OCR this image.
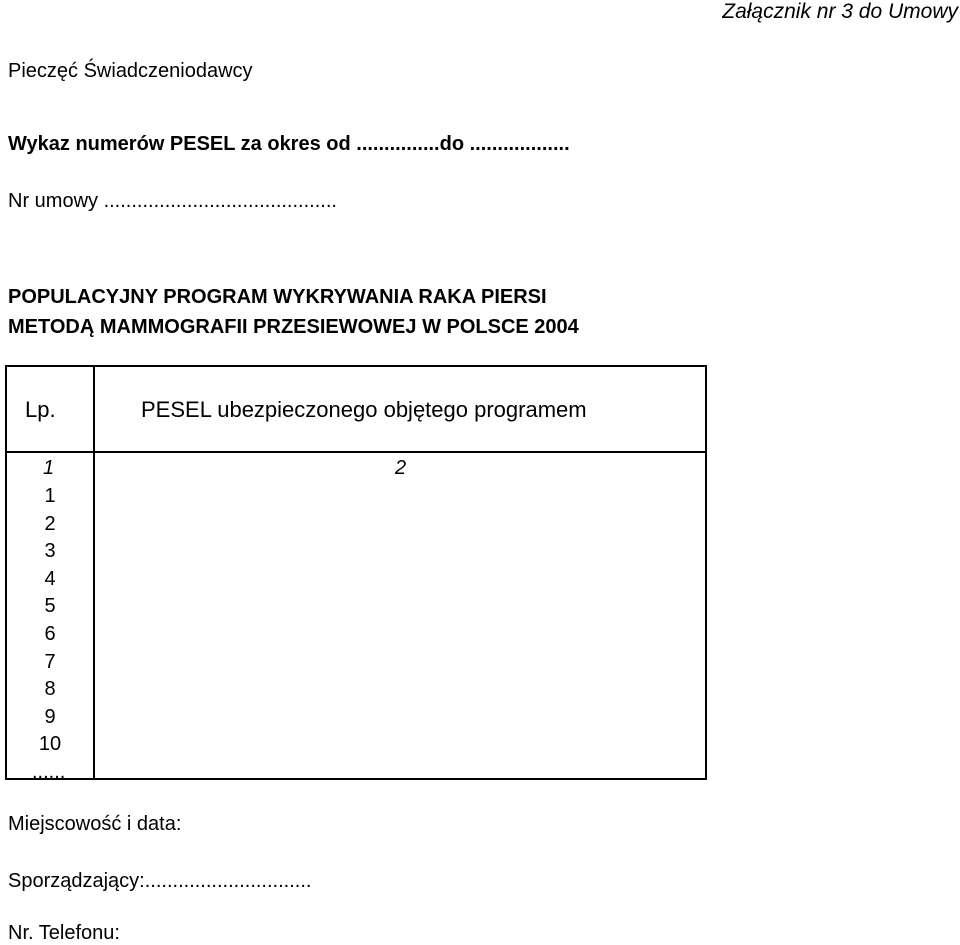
Załącznik nr 3 do Umowy
Pieczęć Świadczeniodawcy
Wykaz numerów PESEL za okres od ...............do ..................
Nr umowy ..........................................
POPULACYJNY PROGRAM WYKRYWANIA RAKA PIERSI
METODĄ MAMMOGRAFII PRZESIEWOWEJ W POLSCE 2004
Lp.	PESEL ubezpieczonego objętego programem
1	2
1
2
3
4
5
6
7
8
9
10
......
Miejscowość i data:
Sporządzający:..............................
Nr. Telefonu:
